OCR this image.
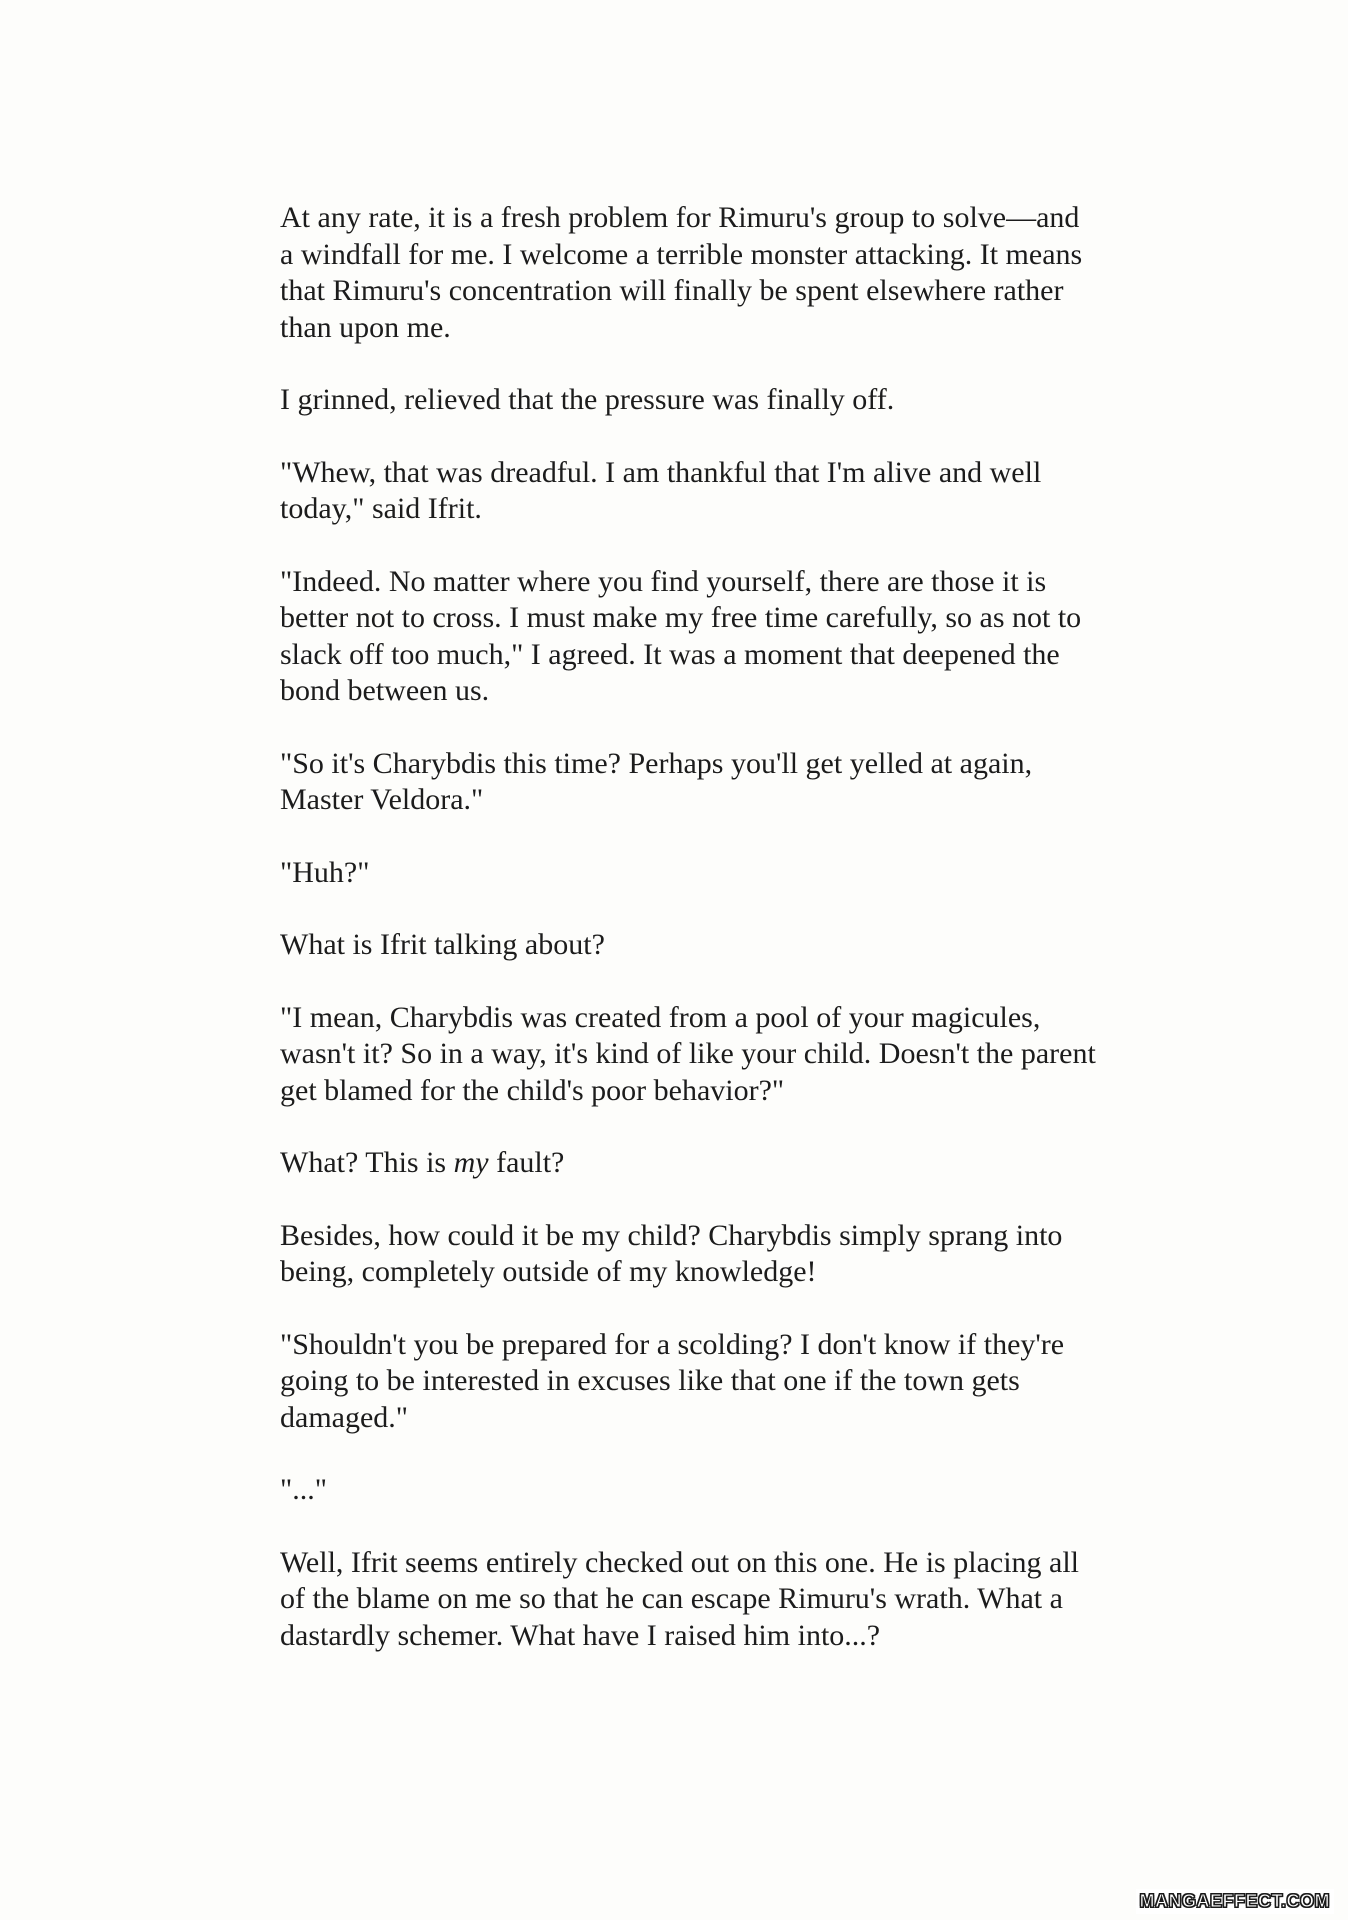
At any rate, it is a fresh problem for Rimuru's group to solve—and a windfall for me. I welcome a terrible monster attacking. It means that Rimuru's concentration will finally be spent elsewhere rather than upon me.

I grinned, relieved that the pressure was finally off.

"Whew, that was dreadful. I am thankful that I'm alive and well today," said Ifrit.

"Indeed. No matter where you find yourself, there are those it is better not to cross. I must make my free time carefully, so as not to slack off too much," I agreed. It was a moment that deepened the bond between us.

"So it's Charybdis this time? Perhaps you'll get yelled at again, Master Veldora."

"Huh?"

What is Ifrit talking about?

"I mean, Charybdis was created from a pool of your magicules, wasn't it? So in a way, it's kind of like your child. Doesn't the parent get blamed for the child's poor behavior?"

What? This is my fault?

Besides, how could it be my child? Charybdis simply sprang into being, completely outside of my knowledge!

"Shouldn't you be prepared for a scolding? I don't know if they're going to be interested in excuses like that one if the town gets damaged."

"..."

Well, Ifrit seems entirely checked out on this one. He is placing all of the blame on me so that he can escape Rimuru's wrath. What a dastardly schemer. What have I raised him into...?

MANGAEFFECT.COM
